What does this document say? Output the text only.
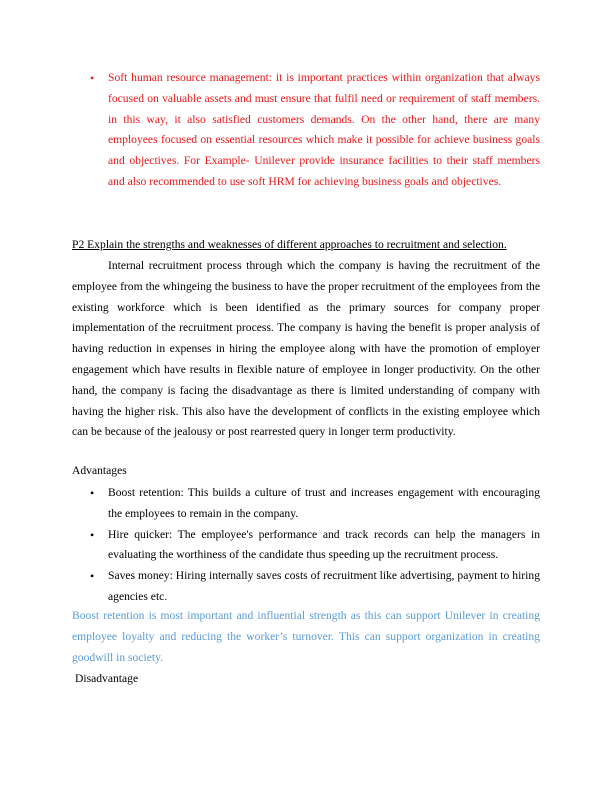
•	Soft human resource management: it is important practices within organization that always focused on valuable assets and must ensure that fulfil need or requirement of staff members. in this way, it also satisfied customers demands. On the other hand, there are many employees focused on essential resources which make it possible for achieve business goals and objectives. For Example- Unilever provide insurance facilities to their staff members and also recommended to use soft HRM for achieving business goals and objectives.

P2 Explain the strengths and weaknesses of different approaches to recruitment and selection.

Internal recruitment process through which the company is having the recruitment of the employee from the whingeing the business to have the proper recruitment of the employees from the existing workforce which is been identified as the primary sources for company proper implementation of the recruitment process. The company is having the benefit is proper analysis of having reduction in expenses in hiring the employee along with have the promotion of employer engagement which have results in flexible nature of employee in longer productivity. On the other hand, the company is facing the disadvantage as there is limited understanding of company with having the higher risk. This also have the development of conflicts in the existing employee which can be because of the jealousy or post rearrested query in longer term productivity.

Advantages

•	Boost retention: This builds a culture of trust and increases engagement with encouraging the employees to remain in the company.

•	Hire quicker: The employee's performance and track records can help the managers in evaluating the worthiness of the candidate thus speeding up the recruitment process.

•	Saves money: Hiring internally saves costs of recruitment like advertising, payment to hiring agencies etc.

Boost retention is most important and influential strength as this can support Unilever in creating employee loyalty and reducing the worker’s turnover. This can support organization in creating goodwill in society.

Disadvantage
